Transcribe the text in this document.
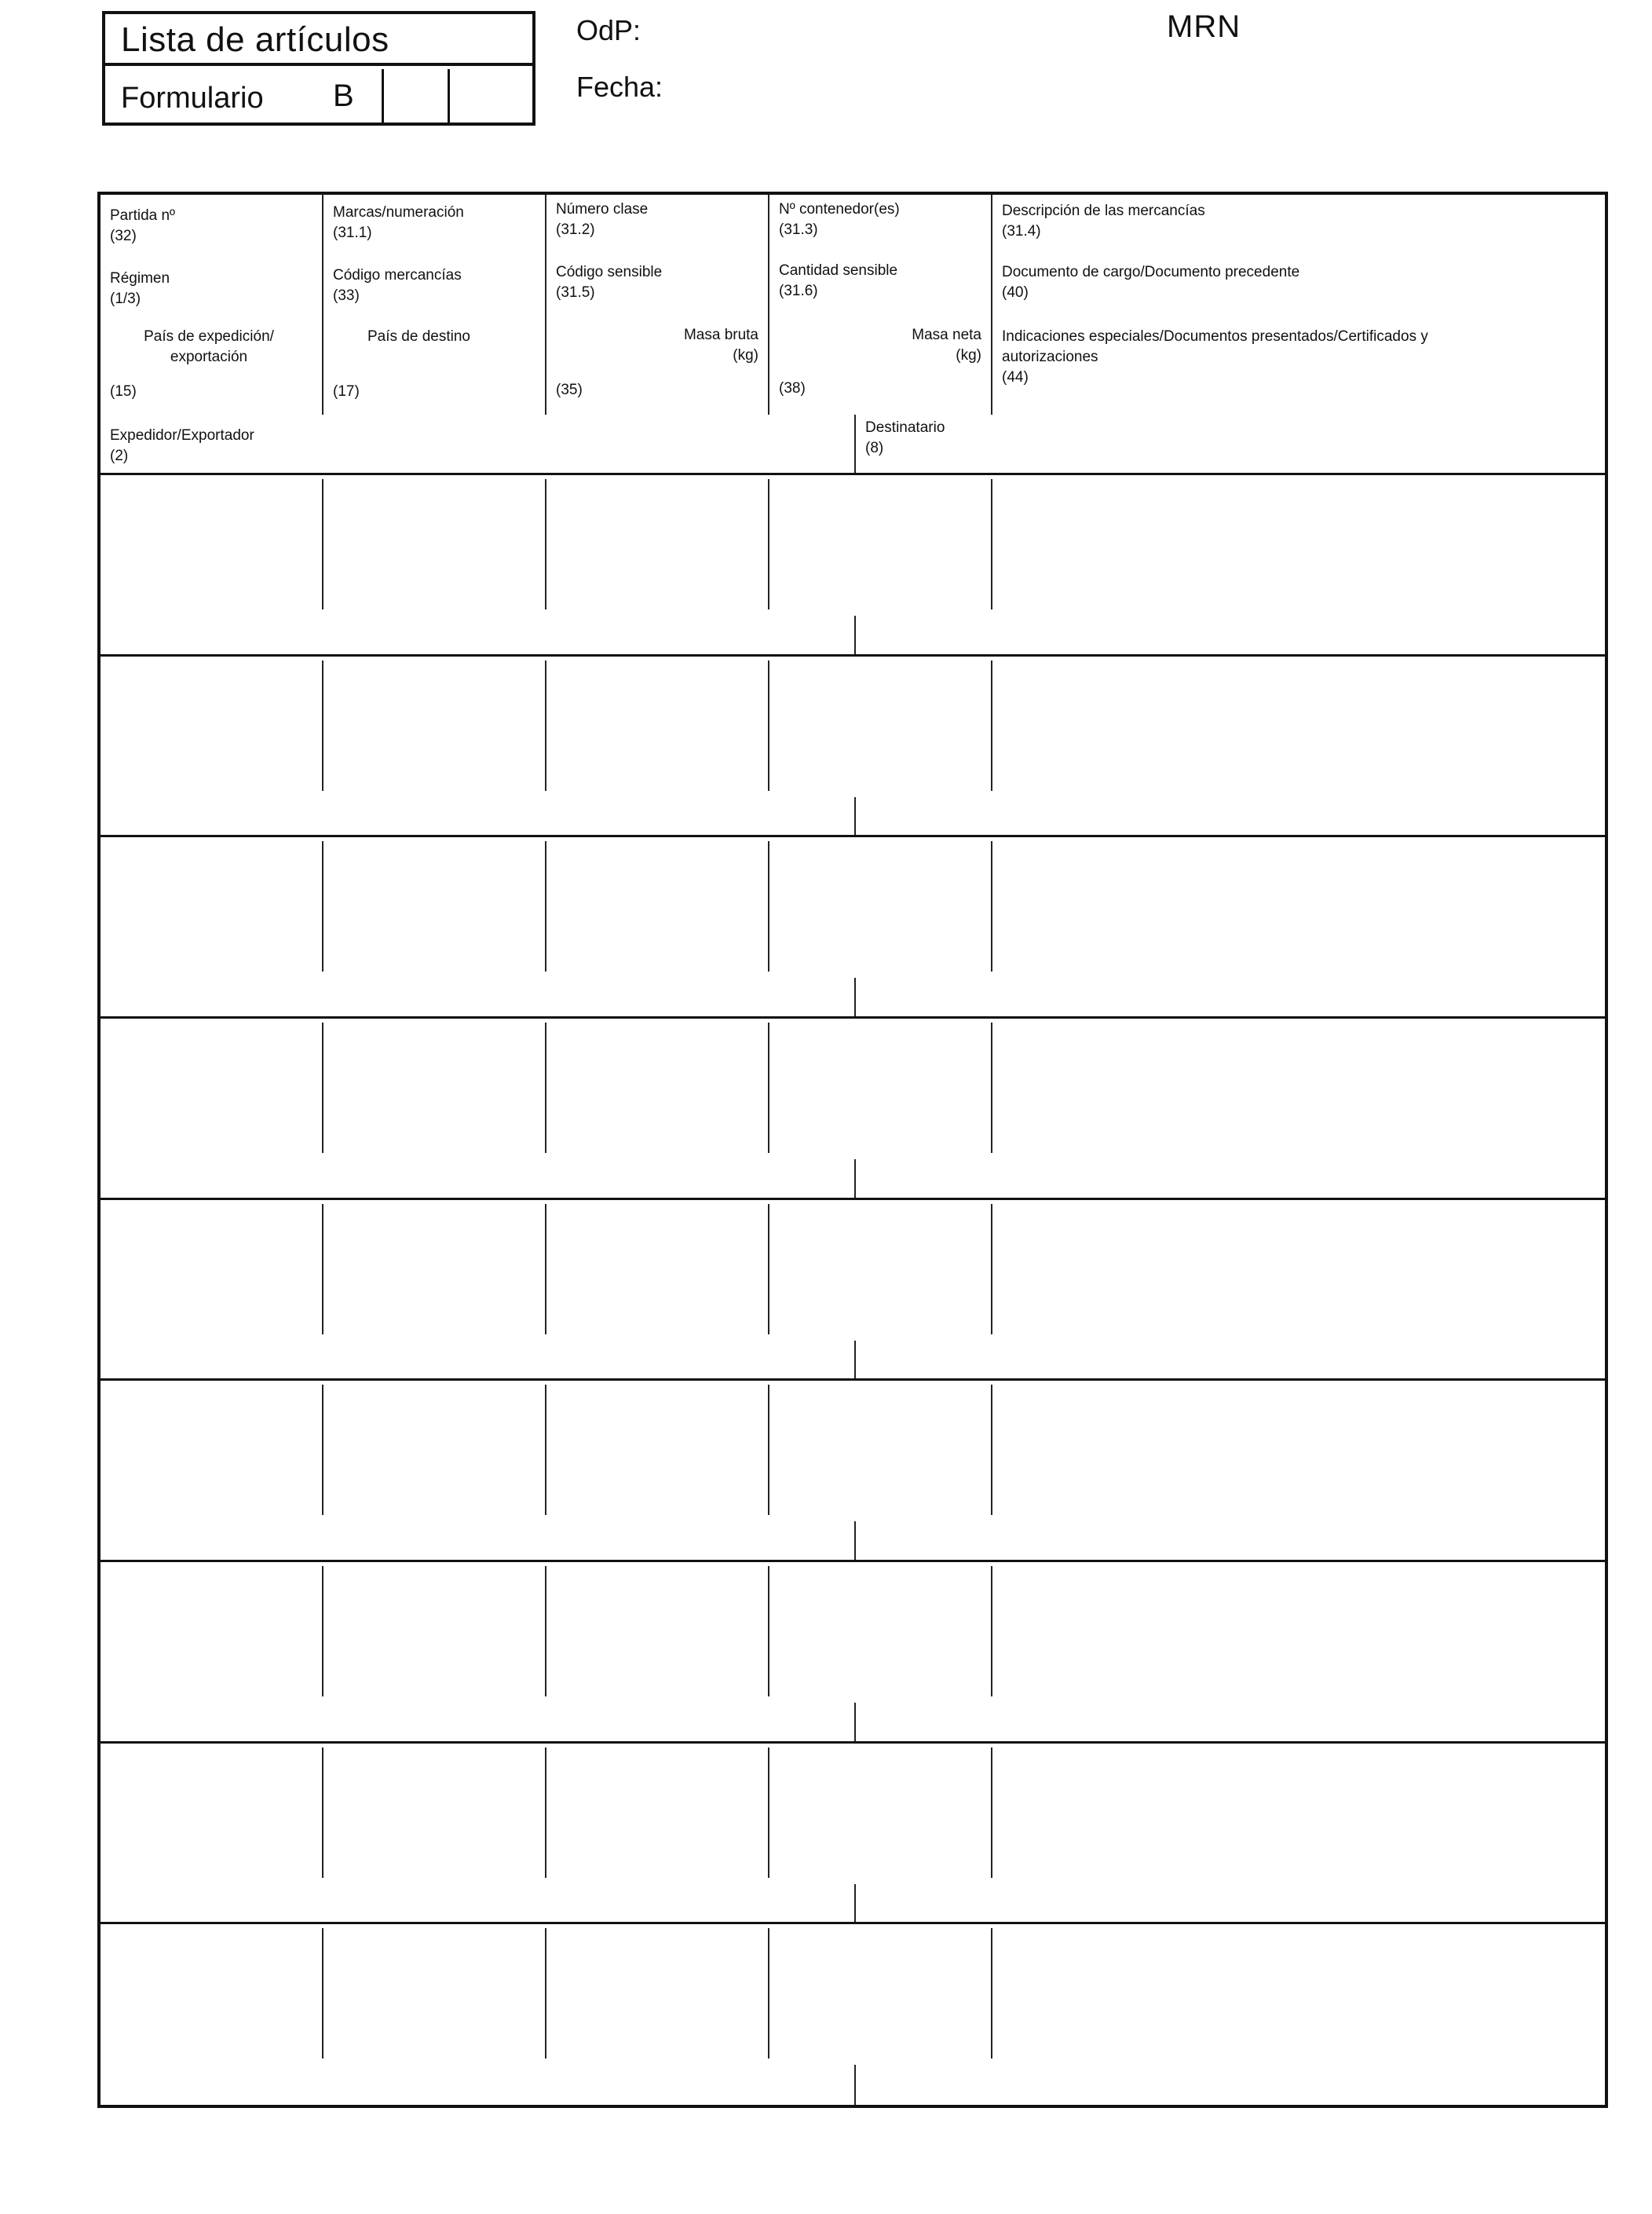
Lista de artículos
Formulario B
OdP:
Fecha:
MRN
Partida nº
(32)
Régimen
(1/3)
País de expedición/
exportación
(15)
Marcas/numeración
(31.1)
Código mercancías
(33)
País de destino
(17)
Número clase
(31.2)
Código sensible
(31.5)
Masa bruta
(kg)
(35)
Nº contenedor(es)
(31.3)
Cantidad sensible
(31.6)
Masa neta
(kg)
(38)
Descripción de las mercancías
(31.4)
Documento de cargo/Documento precedente
(40)
Indicaciones especiales/Documentos presentados/Certificados y
autorizaciones
(44)
Expedidor/Exportador
(2)
Destinatario
(8)
